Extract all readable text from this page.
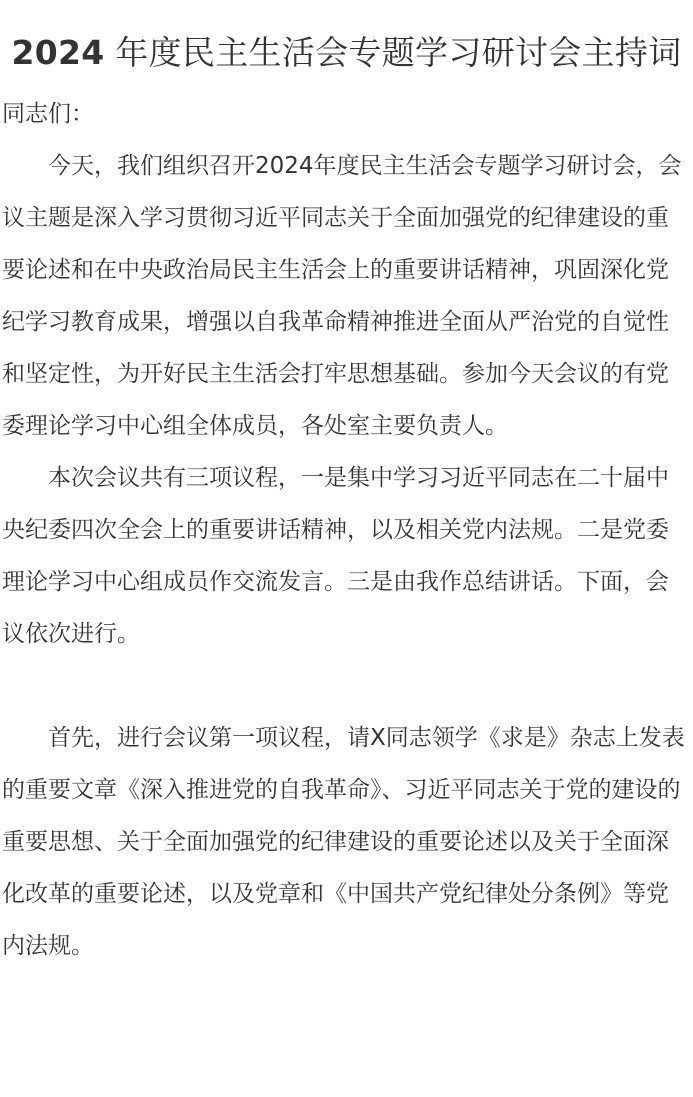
2024 年度民主生活会专题学习研讨会主持词

同志们：

今天，我们组织召开2024年度民主生活会专题学习研讨会，会议主题是深入学习贯彻习近平同志关于全面加强党的纪律建设的重要论述和在中央政治局民主生活会上的重要讲话精神，巩固深化党纪学习教育成果，增强以自我革命精神推进全面从严治党的自觉性和坚定性，为开好民主生活会打牢思想基础。参加今天会议的有党委理论学习中心组全体成员，各处室主要负责人。

本次会议共有三项议程，一是集中学习习近平同志在二十届中央纪委四次全会上的重要讲话精神，以及相关党内法规。二是党委理论学习中心组成员作交流发言。三是由我作总结讲话。下面，会议依次进行。

首先，进行会议第一项议程，请X同志领学《求是》杂志上发表的重要文章《深入推进党的自我革命》、习近平同志关于党的建设的重要思想、关于全面加强党的纪律建设的重要论述以及关于全面深化改革的重要论述，以及党章和《中国共产党纪律处分条例》等党内法规。
